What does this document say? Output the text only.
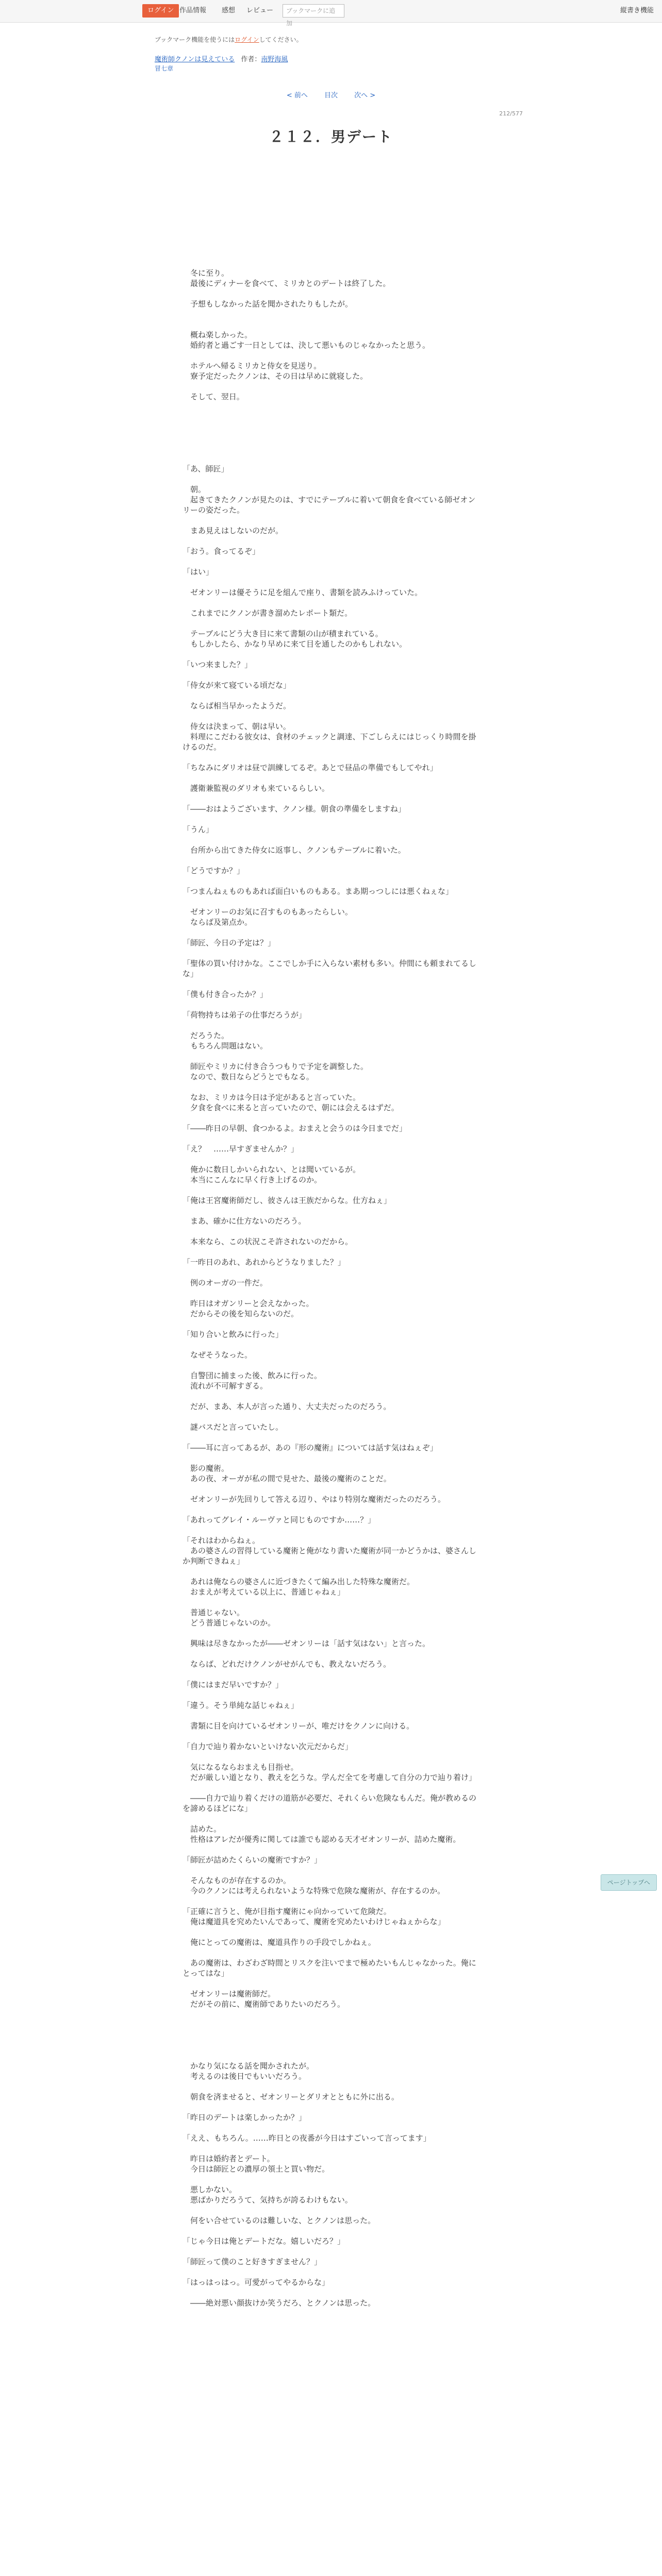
ログイン 作品情報 感想 レビュー	ブックマークに追加
縦書き機能
ブックマーク機能を使うにはログインしてください。
魔術師クノンは見えている 作者：南野海風
冒七章
< 前へ 目次 次へ >
212/577
２１２．男デート

　冬に至り。

　最後にディナーを食べて、ミリカとのデートは終了した。

　予想もしなかった話を聞かされたりもしたが。

　概ね楽しかった。

　婚約者と過ごす一日としては、決して悪いものじゃなかったと思う。

　ホテルへ帰るミリカと侍女を見送り。

　寮予定だったクノンは、その日は早めに就寝した。

　そして、翌日。

「あ、師匠」

　朝。

　起きてきたクノンが見たのは、すでにテーブルに着いて朝食を食べている師ゼオンリーの姿だった。

　まあ見えはしないのだが。

「おう。食ってるぞ」

「はい」

　ゼオンリーは優そうに足を組んで座り、書類を読みふけっていた。

　これまでにクノンが書き溜めたレポート類だ。

　テーブルにどう大き目に来て書類の山が積まれている。

　もしかしたら、かなり早めに来て目を通したのかもしれない。

「いつ来ました？」

「侍女が来て寝ている頃だな」

　ならば相当早かったようだ。

　侍女は決まって、朝は早い。

　料理にこだわる彼女は、食材のチェックと調達、下ごしらえにはじっくり時間を掛けるのだ。

「ちなみにダリオは昼で訓練してるぞ。あとで昼品の準備でもしてやれ」

　護衛兼監視のダリオも来ているらしい。

「――おはようございます、クノン様。朝食の準備をしますね」

「うん」

　台所から出てきた侍女に返事し、クノンもテーブルに着いた。

「どうですか？」

「つまんねぇものもあれば面白いものもある。まあ期っつしには悪くねぇな」

　ゼオンリーのお気に召すものもあったらしい。

　ならば及第点か。

「師匠、今日の予定は？」

「聖体の買い付けかな。ここでしか手に入らない素材も多い。仲間にも頼まれてるしな」

「僕も付き合ったか？」

「荷物持ちは弟子の仕事だろうが」

　だろうた。

　もちろん問題はない。

　師匠やミリカに付き合うつもりで予定を調整した。

　なので、数日ならどうとでもなる。

　なお、ミリカは今日は予定があると言っていた。

　夕食を食べに来ると言っていたので、朝には会えるはずだ。

「――昨日の早朝、食つかるよ。おまえと会うのは今日までだ」

「え？　……早すぎませんか？」

　俺かに数日しかいられない、とは聞いているが。

　本当にこんなに早く行き上げるのか。

「俺は王宮魔術師だし、彼さんは王族だからな。仕方ねぇ」

　まあ、確かに仕方ないのだろう。

　本来なら、この状況こそ許されないのだから。

「一昨日のあれ、あれからどうなりました？」

　例のオーガの一件だ。

　昨日はオガンリーと会えなかった。

　だからその後を知らないのだ。

「知り合いと飲みに行った」

　なぜそうなった。

　自警団に捕まった後、飲みに行った。

　流れが不可解すぎる。

　だが、まあ、本人が言った通り、大丈夫だったのだろう。

　謎バスだと言っていたし。

「――耳に言ってあるが、あの『形の魔術』については話す気はねぇぞ」

　影の魔術。

　あの夜、オーガが私の間で見せた、最後の魔術のことだ。

　ゼオンリーが先回りして答える辺り、やはり特別な魔術だったのだろう。

「あれってグレイ・ルーヴァと同じものですか……？」

「それはわからねぇ。

　あの婆さんの習得している魔術と俺がなり書いた魔術が同一かどうかは、婆さんしか判断できねぇ」

　あれは俺ならの婆さんに近づきたくて編み出した特殊な魔術だ。

　おまえが考えている以上に、普通じゃねぇ」

　普通じゃない。

　どう普通じゃないのか。

　興味は尽きなかったが――ゼオンリーは「話す気はない」と言った。

　ならば、どれだけクノンがせがんでも、教えないだろう。

「僕にはまだ早いですか？」

「違う。そう単純な話じゃねぇ」

　書類に目を向けているゼオンリーが、唯だけをクノンに向ける。

「自力で辿り着かないといけない次元だからだ」

　気になるならおまえも目指せ。

　だが厳しい道となり、教えを乞うな。学んだ全てを考慮して自分の力で辿り着け」

　――自力で辿り着くだけの道筋が必要だ、それくらい危険なもんだ。俺が教めるのを諦めるほどにな」

　詰めた。

　性格はアレだが優秀に関しては誰でも認める天才ゼオンリーが、詰めた魔術。

「師匠が詰めたくらいの魔術ですか？」

　そんなものが存在するのか。

　今のクノンには考えられないような特殊で危険な魔術が、存在するのか。

「正確に言うと、俺が目指す魔術にゃ向かっていて危険だ。

　俺は魔道具を究めたいんであって、魔術を究めたいわけじゃねぇからな」

　俺にとっての魔術は、魔道具作りの手段でしかねぇ。

　あの魔術は、わざわざ時間とリスクを注いでまで極めたいもんじゃなかった。俺にとってはな」

　ゼオンリーは魔術師だ。

　だがその前に、魔術師でありたいのだろう。

　かなり気になる話を聞かされたが。

　考えるのは後日でもいいだろう。

　朝食を済ませると、ゼオンリーとダリオとともに外に出る。

「昨日のデートは楽しかったか？」

「ええ、もちろん。……昨日との夜番が今日はすごいって言ってます」

　昨日は婚約者とデート。

　今日は師匠との濃厚の領土と買い物だ。

　悪しかない。

　悪ばかりだろうて、気持ちが誇るわけもない。

　何をい合せているのは難しいな、とクノンは思った。

「じゃ今日は俺とデートだな。嬉しいだろ？」

「師匠って僕のこと好きすぎません？」

「はっはっはっ。可愛がってやるからな」

　――絶対悪い顔抜けか笑うだろ、とクノンは思った。

ページトップへ
